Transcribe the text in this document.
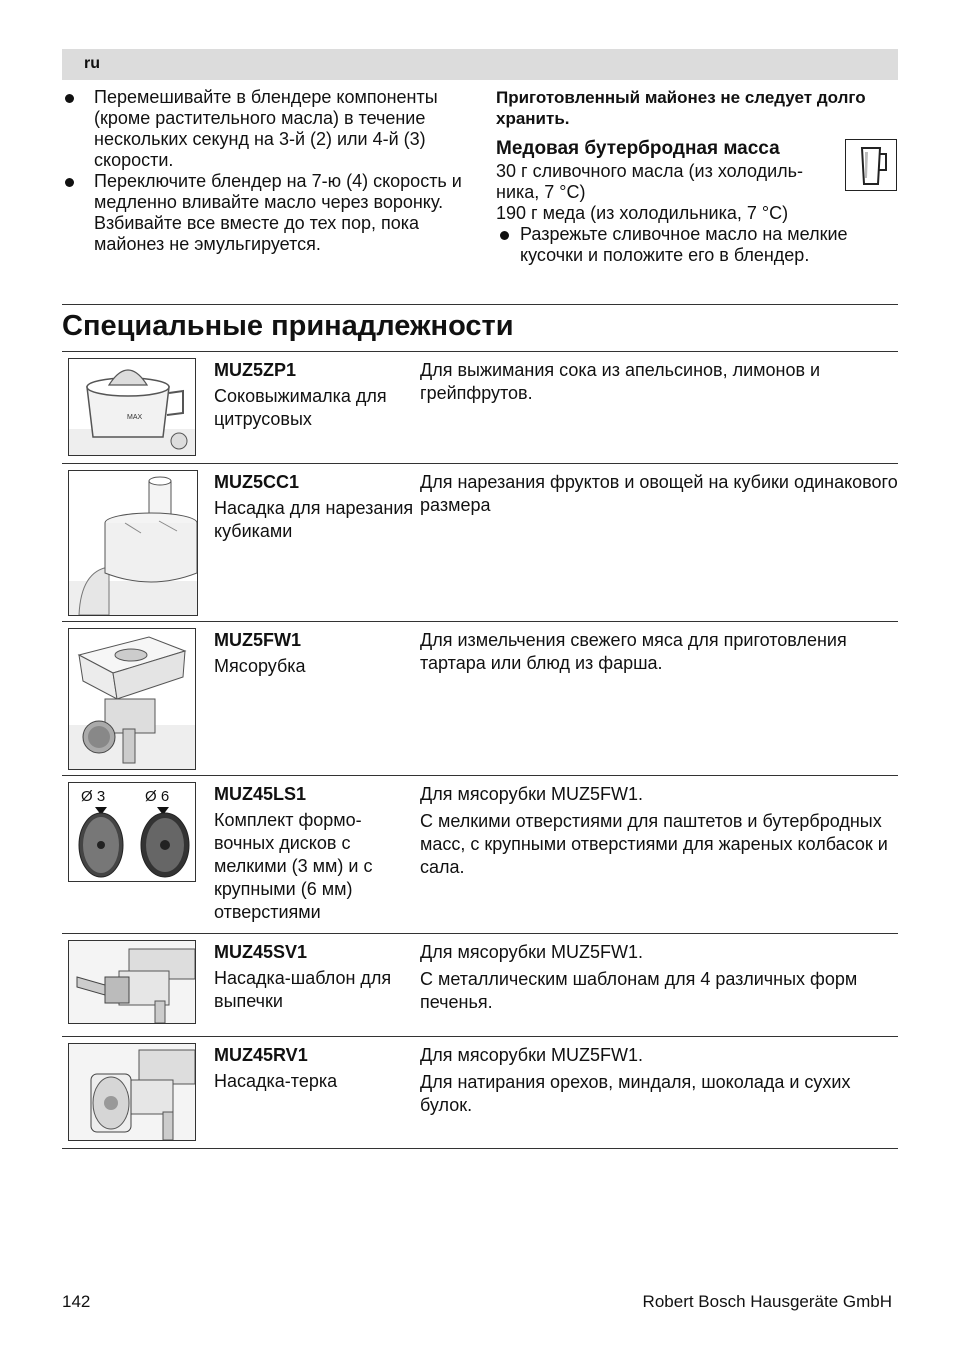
ru
Перемешивайте в блендере компоненты (кроме растительного масла) в течение нескольких секунд на 3-й (2) или 4-й (3) скорости.
Переключите блендер на 7-ю (4) скорость и медленно вливайте масло через воронку. Взбивайте все вместе до тех пор, пока майонез не эмульгируется.
Приготовленный майонез не следует долго хранить.
Медовая бутербродная масса
30 г сливочного масла (из холодиль- ника, 7 °C)
190 г меда (из холодильника, 7 °C)
Разрежьте сливочное масло на мелкие кусочки и положите его в блендер.
Специальные принадлежности
MAX
MUZ5ZP1
Соковыжималка для цитрусовых

Для выжимания сока из апельсинов, лимонов и грейпфрутов.

MUZ5CC1
Насадка для нарезания кубиками

Для нарезания фруктов и овощей на кубики одинакового размера

MUZ5FW1
Мясорубка

Для измельчения свежего мяса для приготовления тартара или блюд из фарша.

Ø 3	Ø 6 MUZ45LS1
Комплект формо- вочных дисков с мелкими (3 мм) и с крупными (6 мм) отверстиями

Для мясорубки MUZ5FW1.

С мелкими отверстиями для паштетов и бутербродных масс, с крупными отверстиями для жареных колбасок и сала.

MUZ45SV1
Насадка-шаблон для выпечки

Для мясорубки MUZ5FW1.

С металлическим шаблонам для 4 различных форм печенья.

MUZ45RV1
Насадка-терка

Для мясорубки MUZ5FW1.

Для натирания орехов, миндаля, шоколада и сухих булок.

142	Robert Bosch Hausgeräte GmbH
